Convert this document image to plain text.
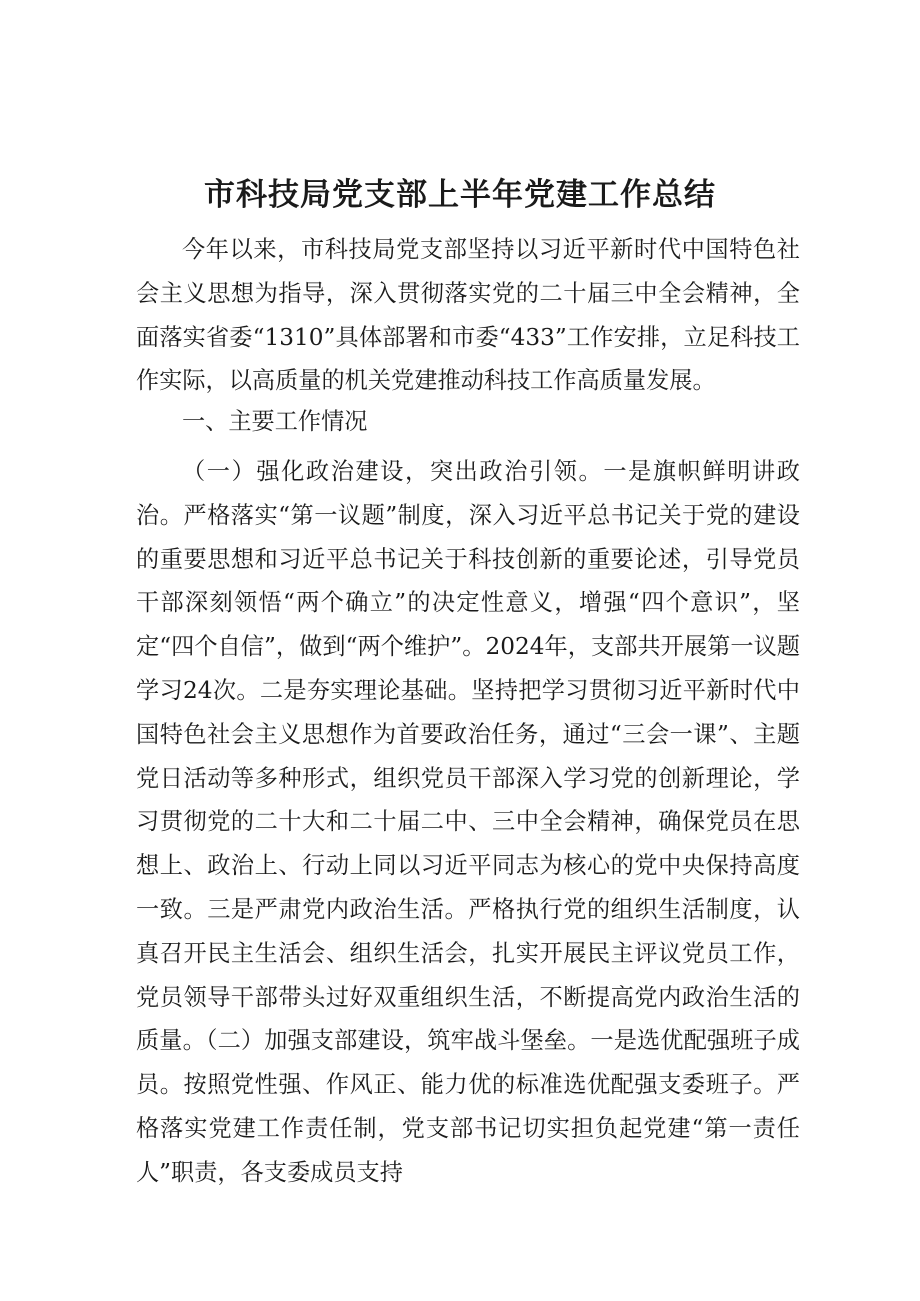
市科技局党支部上半年党建工作总结

今年以来，市科技局党支部坚持以习近平新时代中国特色社会主义思想为指导，深入贯彻落实党的二十届三中全会精神，全面落实省委“1310”具体部署和市委“433”工作安排，立足科技工作实际，以高质量的机关党建推动科技工作高质量发展。

一、主要工作情况

（一）强化政治建设，突出政治引领。一是旗帜鲜明讲政治。严格落实“第一议题”制度，深入习近平总书记关于党的建设的重要思想和习近平总书记关于科技创新的重要论述，引导党员干部深刻领悟“两个确立”的决定性意义，增强“四个意识”，坚定“四个自信”，做到“两个维护”。2024年，支部共开展第一议题学习24次。二是夯实理论基础。坚持把学习贯彻习近平新时代中国特色社会主义思想作为首要政治任务，通过“三会一课”、主题党日活动等多种形式，组织党员干部深入学习党的创新理论，学习贯彻党的二十大和二十届二中、三中全会精神，确保党员在思想上、政治上、行动上同以习近平同志为核心的党中央保持高度一致。三是严肃党内政治生活。严格执行党的组织生活制度，认真召开民主生活会、组织生活会，扎实开展民主评议党员工作，党员领导干部带头过好双重组织生活，不断提高党内政治生活的质量。（二）加强支部建设，筑牢战斗堡垒。一是选优配强班子成员。按照党性强、作风正、能力优的标准选优配强支委班子。严格落实党建工作责任制，党支部书记切实担负起党建“第一责任人”职责，各支委成员支持
